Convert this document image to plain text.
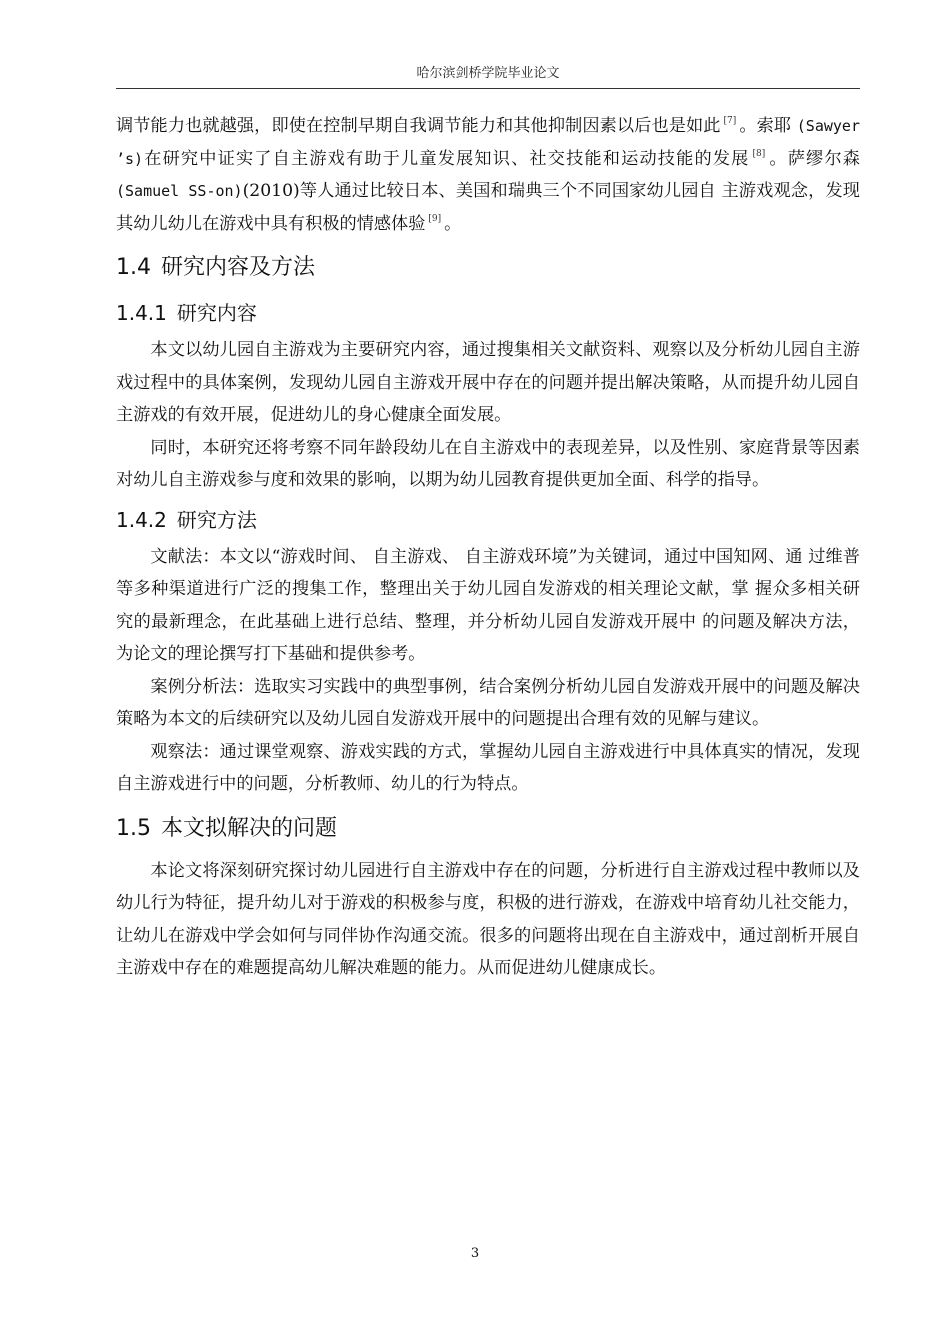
哈尔滨剑桥学院毕业论文

调节能力也就越强，即使在控制早期自我调节能力和其他抑制因素以后也是如此 [7] 。索耶 (Sawyer ’s)在研究中证实了自主游戏有助于儿童发展知识、社交技能和运动技能的发展 [8] 。萨缪尔森(Samuel SS-on)(2010)等人通过比较日本、美国和瑞典三个不同国家幼儿园自 主游戏观念，发现其幼儿幼儿在游戏中具有积极的情感体验 [9] 。

1.4 研究内容及方法
1.4.1 研究内容

本文以幼儿园自主游戏为主要研究内容，通过搜集相关文献资料、观察以及分析幼儿园自主游戏过程中的具体案例，发现幼儿园自主游戏开展中存在的问题并提出解决策略，从而提升幼儿园自主游戏的有效开展，促进幼儿的身心健康全面发展。

同时，本研究还将考察不同年龄段幼儿在自主游戏中的表现差异，以及性别、家庭背景等因素对幼儿自主游戏参与度和效果的影响，以期为幼儿园教育提供更加全面、科学的指导。

1.4.2 研究方法

文献法：本文以“游戏时间、 自主游戏、 自主游戏环境”为关键词，通过中国知网、通 过维普等多种渠道进行广泛的搜集工作，整理出关于幼儿园自发游戏的相关理论文献，掌 握众多相关研究的最新理念，在此基础上进行总结、整理，并分析幼儿园自发游戏开展中 的问题及解决方法，为论文的理论撰写打下基础和提供参考。

案例分析法：选取实习实践中的典型事例，结合案例分析幼儿园自发游戏开展中的问题及解决策略为本文的后续研究以及幼儿园自发游戏开展中的问题提出合理有效的见解与建议。

观察法：通过课堂观察、游戏实践的方式，掌握幼儿园自主游戏进行中具体真实的情况，发现自主游戏进行中的问题，分析教师、幼儿的行为特点。

1.5 本文拟解决的问题

本论文将深刻研究探讨幼儿园进行自主游戏中存在的问题，分析进行自主游戏过程中教师以及幼儿行为特征，提升幼儿对于游戏的积极参与度，积极的进行游戏，在游戏中培育幼儿社交能力，让幼儿在游戏中学会如何与同伴协作沟通交流。很多的问题将出现在自主游戏中，通过剖析开展自主游戏中存在的难题提高幼儿解决难题的能力。从而促进幼儿健康成长。

3
